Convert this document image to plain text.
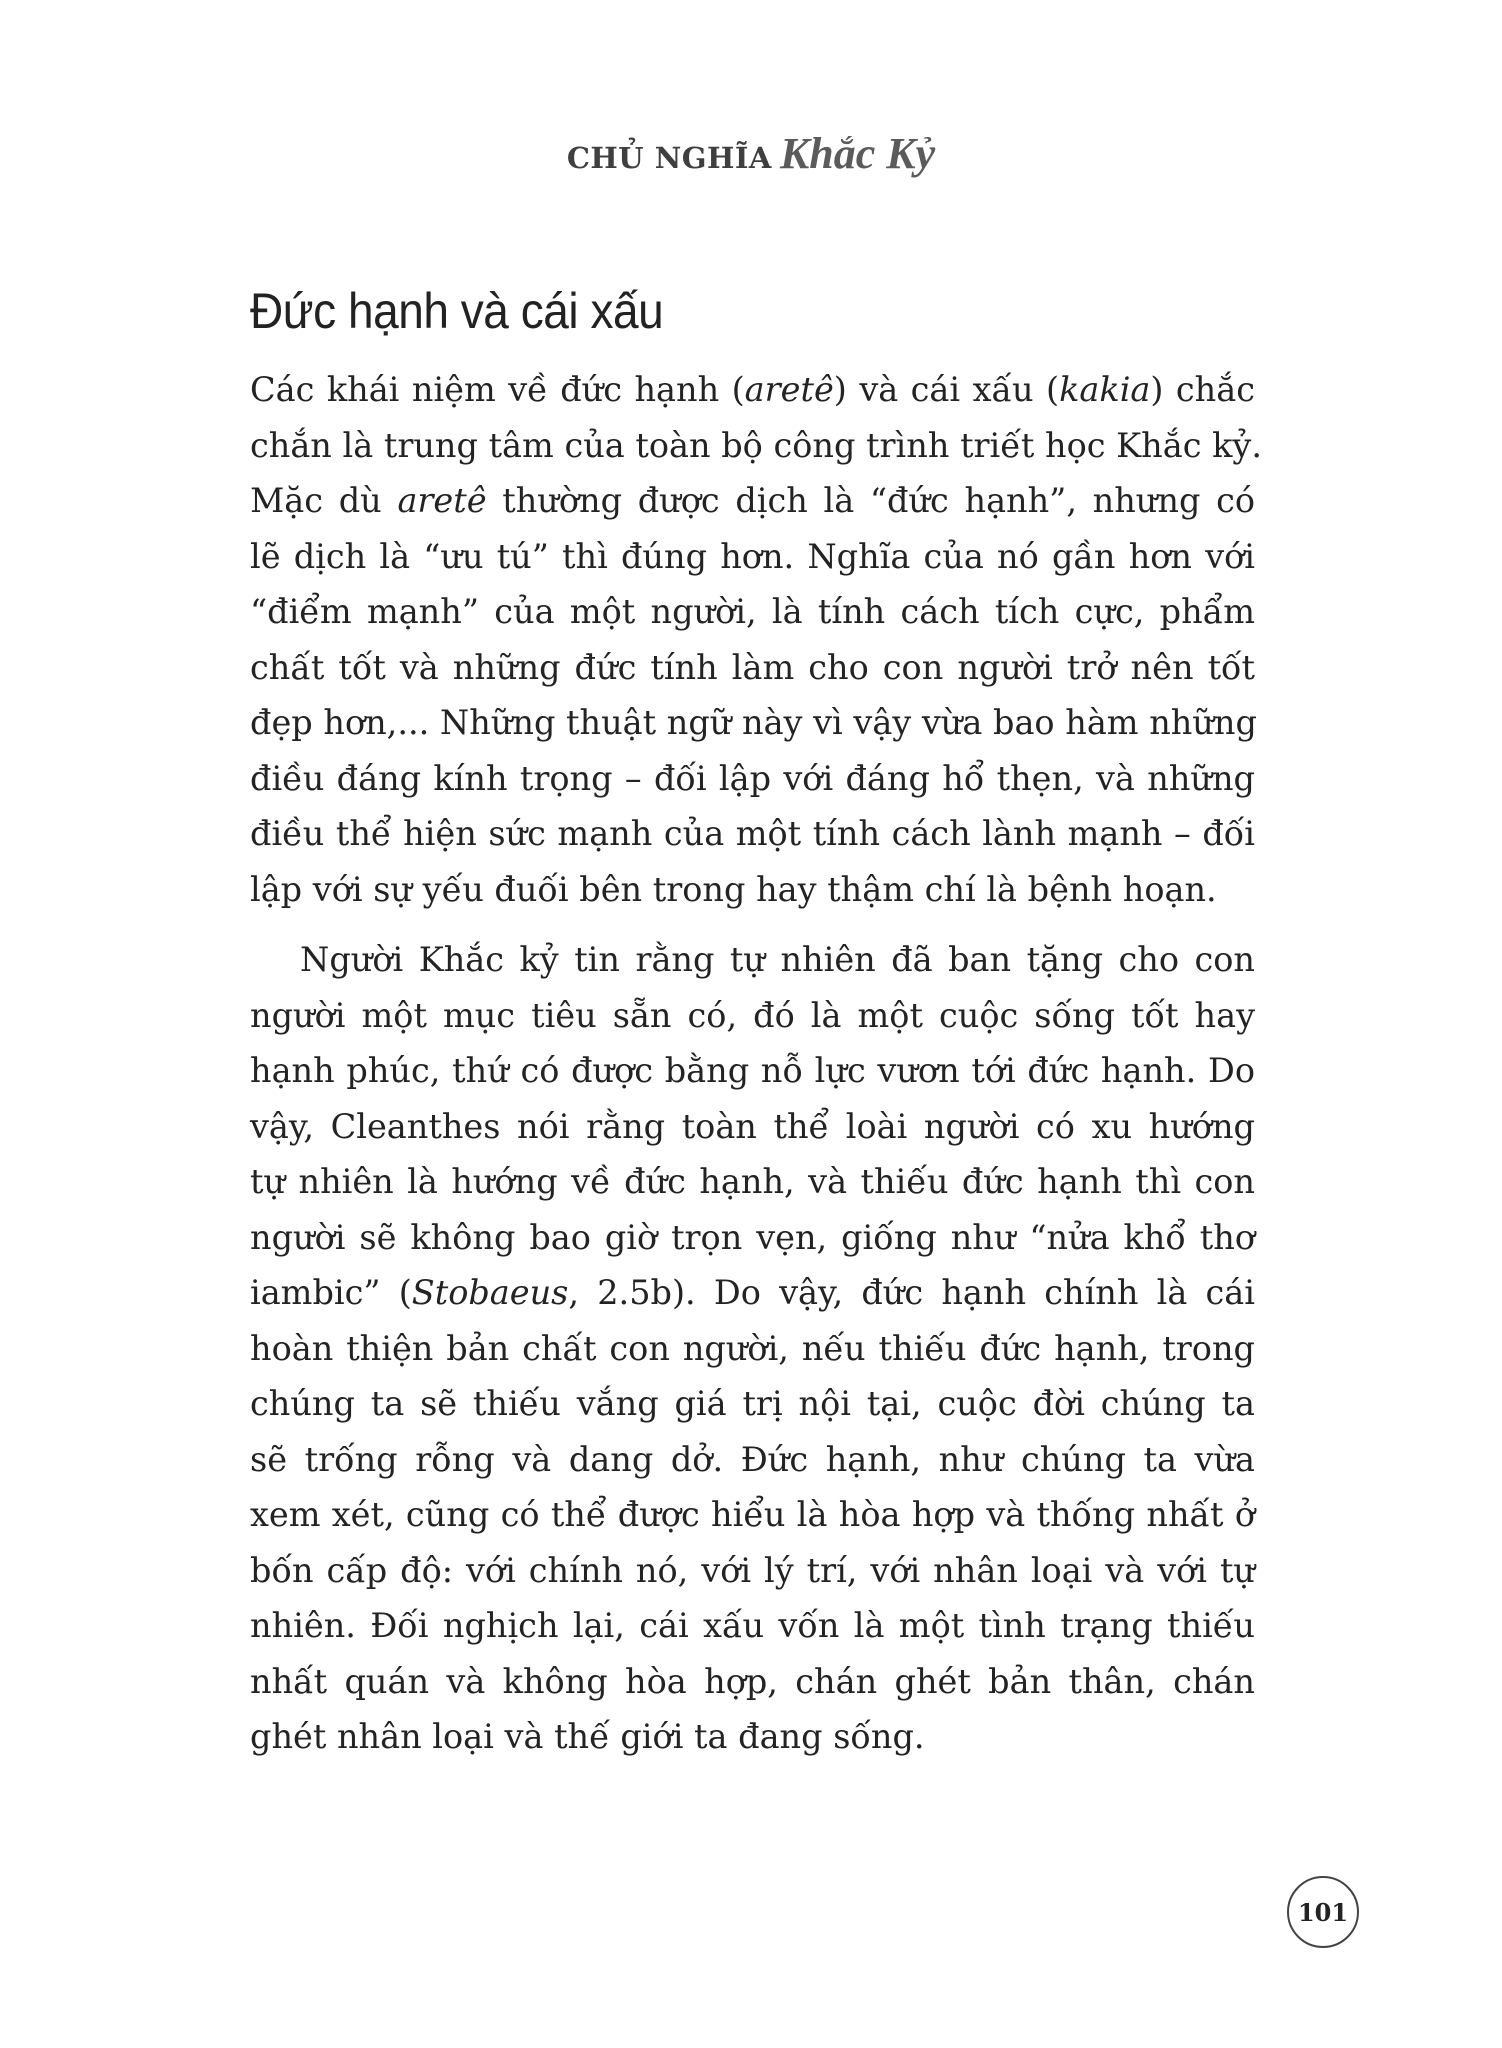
CHỦ NGHĨA Khắc Kỷ
Đức hạnh và cái xấu
Các khái niệm về đức hạnh (aretê) và cái xấu (kakia) chắc
chắn là trung tâm của toàn bộ công trình triết học Khắc kỷ.
Mặc dù aretê thường được dịch là “đức hạnh”, nhưng có
lẽ dịch là “ưu tú” thì đúng hơn. Nghĩa của nó gần hơn với
“điểm mạnh” của một người, là tính cách tích cực, phẩm
chất tốt và những đức tính làm cho con người trở nên tốt
đẹp hơn,... Những thuật ngữ này vì vậy vừa bao hàm những
điều đáng kính trọng – đối lập với đáng hổ thẹn, và những
điều thể hiện sức mạnh của một tính cách lành mạnh – đối
lập với sự yếu đuối bên trong hay thậm chí là bệnh hoạn.
Người Khắc kỷ tin rằng tự nhiên đã ban tặng cho con
người một mục tiêu sẵn có, đó là một cuộc sống tốt hay
hạnh phúc, thứ có được bằng nỗ lực vươn tới đức hạnh. Do
vậy, Cleanthes nói rằng toàn thể loài người có xu hướng
tự nhiên là hướng về đức hạnh, và thiếu đức hạnh thì con
người sẽ không bao giờ trọn vẹn, giống như “nửa khổ thơ
iambic” (Stobaeus, 2.5b). Do vậy, đức hạnh chính là cái
hoàn thiện bản chất con người, nếu thiếu đức hạnh, trong
chúng ta sẽ thiếu vắng giá trị nội tại, cuộc đời chúng ta
sẽ trống rỗng và dang dở. Đức hạnh, như chúng ta vừa
xem xét, cũng có thể được hiểu là hòa hợp và thống nhất ở
bốn cấp độ: với chính nó, với lý trí, với nhân loại và với tự
nhiên. Đối nghịch lại, cái xấu vốn là một tình trạng thiếu
nhất quán và không hòa hợp, chán ghét bản thân, chán
ghét nhân loại và thế giới ta đang sống.
101
